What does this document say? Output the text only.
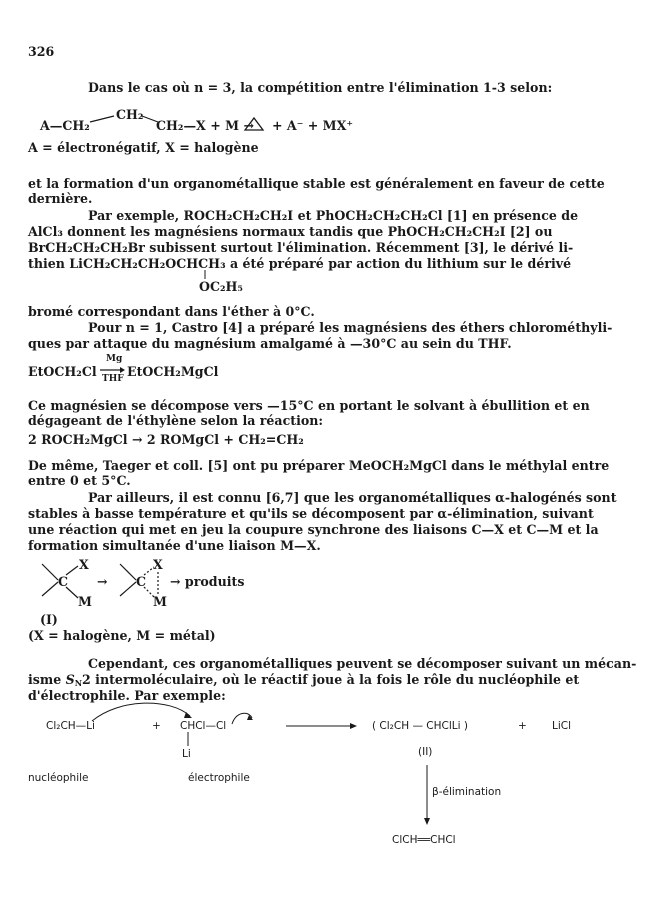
326
Dans le cas où n = 3, la compétition entre l'élimination 1-3 selon:
CH₂
A—CH₂	CH₂—X + M → + A⁻ + MX⁺
A = électronégatif, X = halogène
et la formation d'un organométallique stable est généralement en faveur de cette
dernière.
Par exemple, ROCH₂CH₂CH₂I et PhOCH₂CH₂CH₂Cl [1] en présence de
AlCl₃ donnent les magnésiens normaux tandis que PhOCH₂CH₂CH₂I [2] ou
BrCH₂CH₂CH₂Br subissent surtout l'élimination. Récemment [3], le dérivé li-
thien LiCH₂CH₂CH₂OCHCH₃ a été préparé par action du lithium sur le dérivé
OC₂H₅
bromé correspondant dans l'éther à 0°C.
Pour n = 1, Castro [4] a préparé les magnésiens des éthers chlorométhyli-
ques par attaque du magnésium amalgamé à —30°C au sein du THF.
EtOCH₂Cl
Mg
THF EtOCH₂MgCl
Ce magnésien se décompose vers —15°C en portant le solvant à ébullition et en
dégageant de l'éthylène selon la réaction:
2 ROCH₂MgCl → 2 ROMgCl + CH₂=CH₂
De même, Taeger et coll. [5] ont pu préparer MeOCH₂MgCl dans le méthylal entre
entre 0 et 5°C.
Par ailleurs, il est connu [6,7] que les organométalliques α-halogénés sont
stables à basse température et qu'ils se décomposent par α-élimination, suivant
une réaction qui met en jeu la coupure synchrone des liaisons C—X et C—M et la
formation simultanée d'une liaison M—X.
X
C
M
→
X
C
M
→ produits
(I)
(X = halogène, M = métal)
Cependant, ces organométalliques peuvent se décomposer suivant un mécan-
isme $S_N2$ intermoléculaire, où le réactif joue à la fois le rôle du nucléophile et
d'électrophile. Par exemple:
Cl₂CH—Li	+ CHCl—Cl
Li
( Cl₂CH — CHClLi )	+ LiCl
(II)
nucléophile	électrophile
β-élimination
ClCH══CHCl
